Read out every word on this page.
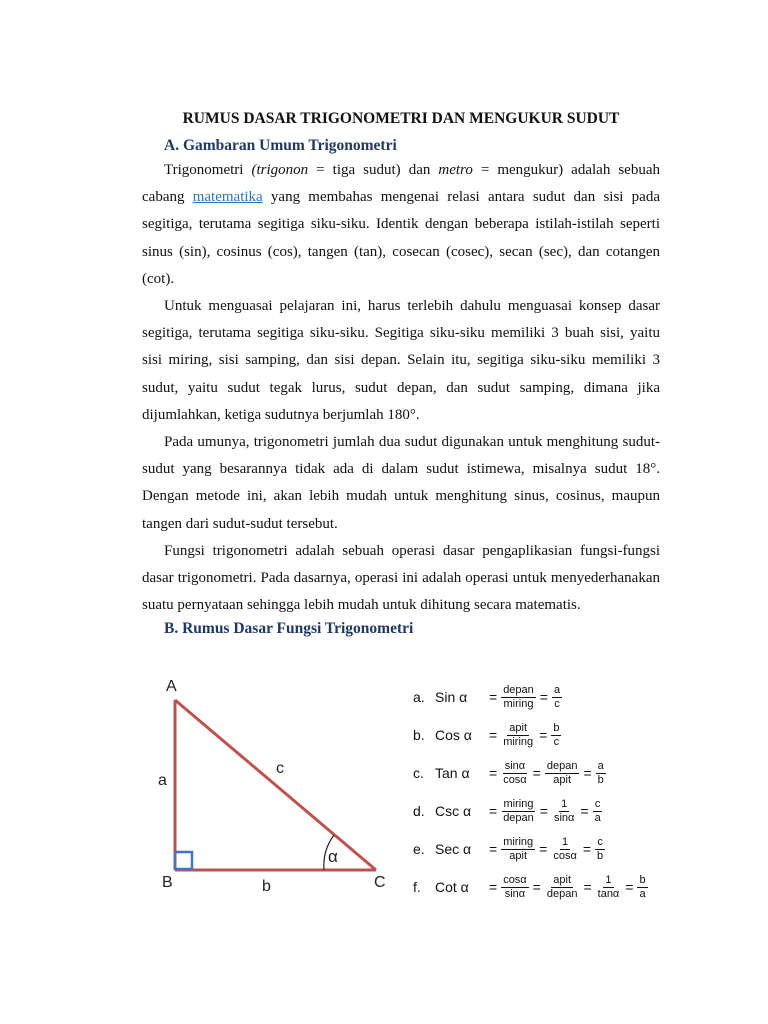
RUMUS DASAR TRIGONOMETRI DAN MENGUKUR SUDUT
A. Gambaran Umum Trigonometri

Trigonometri (trigonon = tiga sudut) dan metro = mengukur) adalah sebuah cabang matematika yang membahas mengenai relasi antara sudut dan sisi pada segitiga, terutama segitiga siku-siku. Identik dengan beberapa istilah-istilah seperti sinus (sin), cosinus (cos), tangen (tan), cosecan (cosec), secan (sec), dan cotangen (cot).

Untuk menguasai pelajaran ini, harus terlebih dahulu menguasai konsep dasar segitiga, terutama segitiga siku-siku. Segitiga siku-siku memiliki 3 buah sisi, yaitu sisi miring, sisi samping, dan sisi depan. Selain itu, segitiga siku-siku memiliki 3 sudut, yaitu sudut tegak lurus, sudut depan, dan sudut samping, dimana jika dijumlahkan, ketiga sudutnya berjumlah 180°.

Pada umunya, trigonometri jumlah dua sudut digunakan untuk menghitung sudut-sudut yang besarannya tidak ada di dalam sudut istimewa, misalnya sudut 18°. Dengan metode ini, akan lebih mudah untuk menghitung sinus, cosinus, maupun tangen dari sudut-sudut tersebut.

Fungsi trigonometri adalah sebuah operasi dasar pengaplikasian fungsi-fungsi dasar trigonometri. Pada dasarnya, operasi ini adalah operasi untuk menyederhanakan suatu pernyataan sehingga lebih mudah untuk dihitung secara matematis.

B. Rumus Dasar Fungsi Trigonometri
A
B	C
a
b
c
α
a. Sin α	= $\frac{\text{depan}}{\text{miring}} = \frac{a}{c}$
b. Cos α	= $\frac{\text{apit}}{\text{miring}} = \frac{b}{c}$
c. Tan α	= $\frac{\sin\alpha}{\cos\alpha} = \frac{\text{depan}}{\text{apit}} = \frac{a}{b}$
d. Csc α	= $\frac{\text{miring}}{\text{depan}} = \frac{1}{\sin\alpha} = \frac{c}{a}$
e. Sec α	= $\frac{\text{miring}}{\text{apit}} = \frac{1}{\cos\alpha} = \frac{c}{b}$
f.	Cot α	= $\frac{\cos\alpha}{\sin\alpha} = \frac{\text{apit}}{\text{depan}} = \frac{1}{\tan\alpha} = \frac{b}{a}$
